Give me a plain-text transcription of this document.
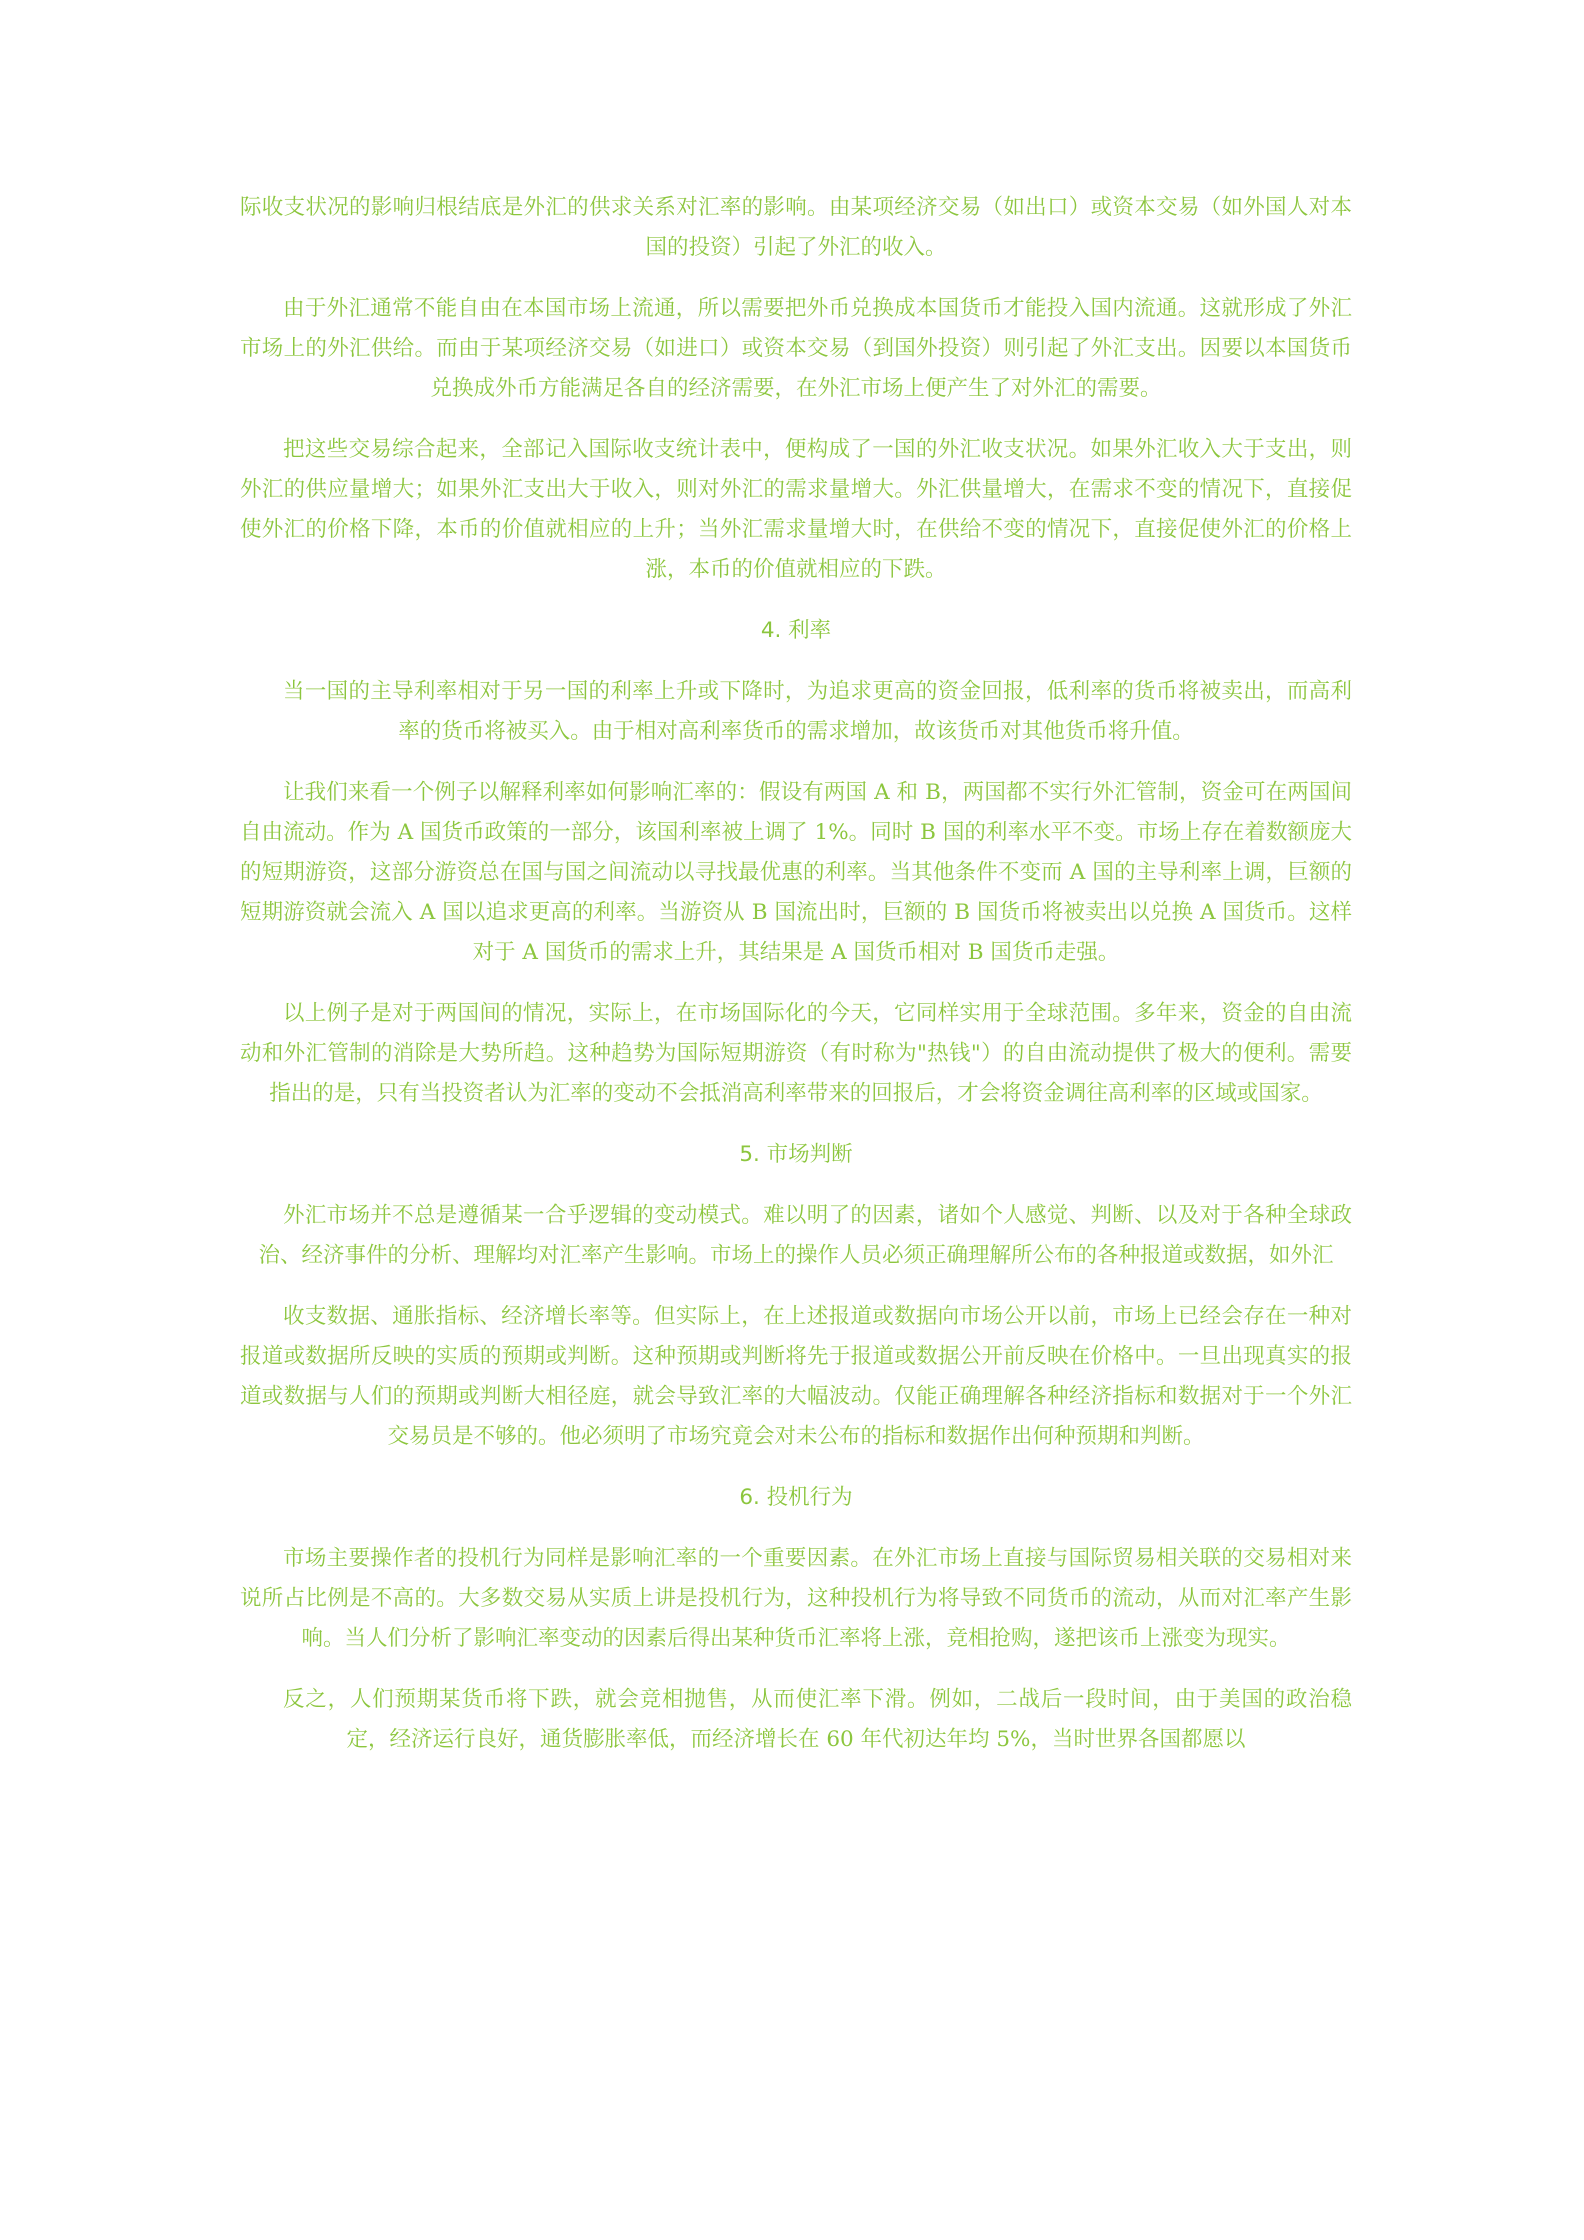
际收支状况的影响归根结底是外汇的供求关系对汇率的影响。由某项经济交易（如出口）或资本交易（如外国人对本国的投资）引起了外汇的收入。

由于外汇通常不能自由在本国市场上流通，所以需要把外币兑换成本国货币才能投入国内流通。这就形成了外汇市场上的外汇供给。而由于某项经济交易（如进口）或资本交易（到国外投资）则引起了外汇支出。因要以本国货币兑换成外币方能满足各自的经济需要，在外汇市场上便产生了对外汇的需要。

把这些交易综合起来，全部记入国际收支统计表中，便构成了一国的外汇收支状况。如果外汇收入大于支出，则外汇的供应量增大；如果外汇支出大于收入，则对外汇的需求量增大。外汇供量增大，在需求不变的情况下，直接促使外汇的价格下降，本币的价值就相应的上升；当外汇需求量增大时，在供给不变的情况下，直接促使外汇的价格上涨，本币的价值就相应的下跌。

4. 利率

当一国的主导利率相对于另一国的利率上升或下降时，为追求更高的资金回报，低利率的货币将被卖出，而高利率的货币将被买入。由于相对高利率货币的需求增加，故该货币对其他货币将升值。

让我们来看一个例子以解释利率如何影响汇率的：假设有两国 A 和 B，两国都不实行外汇管制，资金可在两国间自由流动。作为 A 国货币政策的一部分，该国利率被上调了 1%。同时 B 国的利率水平不变。市场上存在着数额庞大的短期游资，这部分游资总在国与国之间流动以寻找最优惠的利率。当其他条件不变而 A 国的主导利率上调，巨额的短期游资就会流入 A 国以追求更高的利率。当游资从 B 国流出时，巨额的 B 国货币将被卖出以兑换 A 国货币。这样对于 A 国货币的需求上升，其结果是 A 国货币相对 B 国货币走强。

以上例子是对于两国间的情况，实际上，在市场国际化的今天，它同样实用于全球范围。多年来，资金的自由流动和外汇管制的消除是大势所趋。这种趋势为国际短期游资（有时称为"热钱"）的自由流动提供了极大的便利。需要指出的是，只有当投资者认为汇率的变动不会抵消高利率带来的回报后，才会将资金调往高利率的区域或国家。

5. 市场判断

外汇市场并不总是遵循某一合乎逻辑的变动模式。难以明了的因素，诸如个人感觉、判断、以及对于各种全球政治、经济事件的分析、理解均对汇率产生影响。市场上的操作人员必须正确理解所公布的各种报道或数据，如外汇

收支数据、通胀指标、经济增长率等。但实际上，在上述报道或数据向市场公开以前，市场上已经会存在一种对报道或数据所反映的实质的预期或判断。这种预期或判断将先于报道或数据公开前反映在价格中。一旦出现真实的报道或数据与人们的预期或判断大相径庭，就会导致汇率的大幅波动。仅能正确理解各种经济指标和数据对于一个外汇交易员是不够的。他必须明了市场究竟会对未公布的指标和数据作出何种预期和判断。

6. 投机行为

市场主要操作者的投机行为同样是影响汇率的一个重要因素。在外汇市场上直接与国际贸易相关联的交易相对来说所占比例是不高的。大多数交易从实质上讲是投机行为，这种投机行为将导致不同货币的流动，从而对汇率产生影响。当人们分析了影响汇率变动的因素后得出某种货币汇率将上涨，竞相抢购，遂把该币上涨变为现实。

反之，人们预期某货币将下跌，就会竞相抛售，从而使汇率下滑。例如，二战后一段时间，由于美国的政治稳定，经济运行良好，通货膨胀率低，而经济增长在 60 年代初达年均 5%，当时世界各国都愿以
